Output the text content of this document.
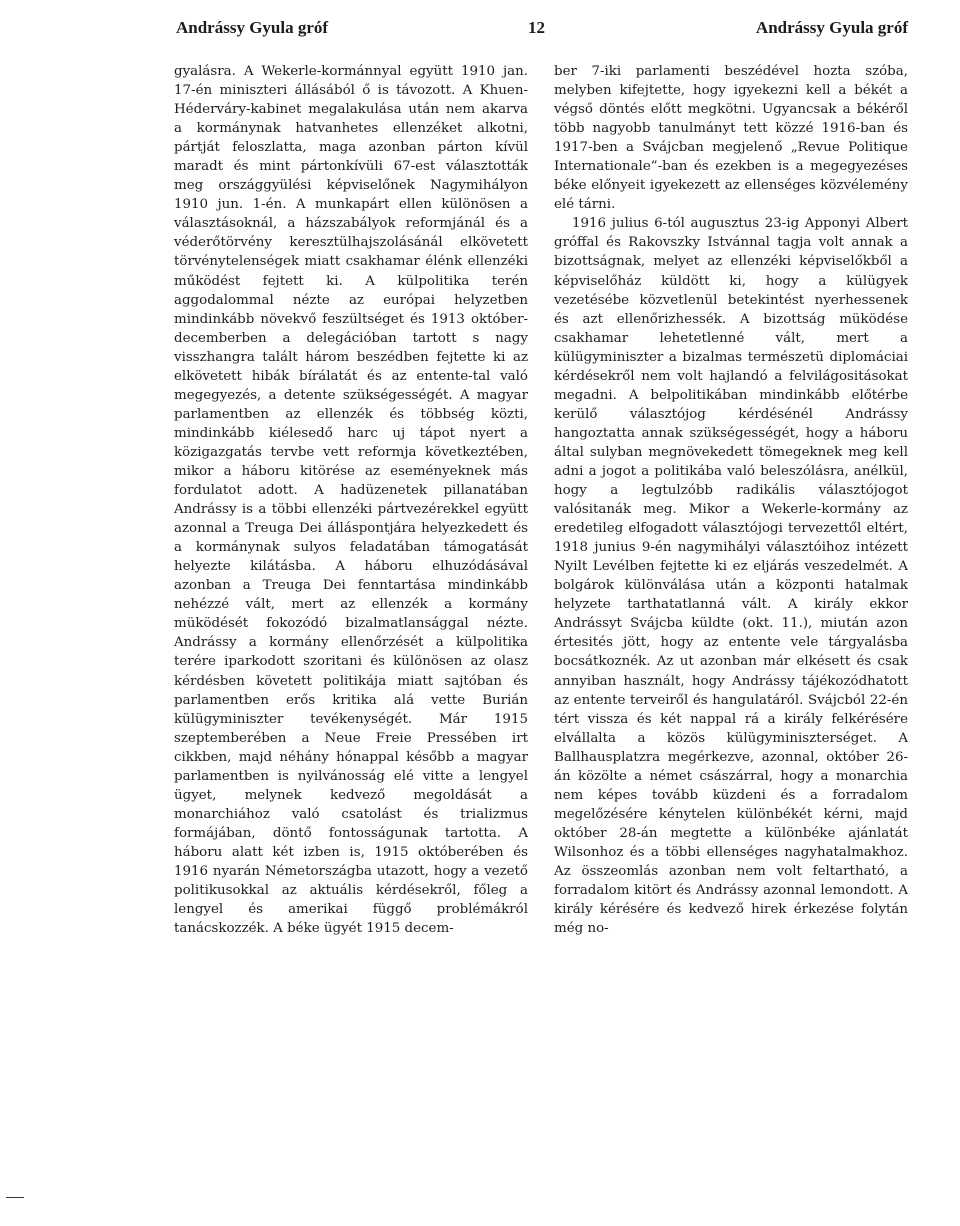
Andrássy Gyula gróf	12	Andrássy Gyula gróf

gyalásra. A Wekerle-kormánnyal együtt 1910 jan. 17-én miniszteri állásából ő is távozott. A Khuen-Héderváry-kabinet megalakulása után nem akarva a kormánynak hatvanhetes ellenzéket alkotni, pártját feloszlatta, maga azonban párton kívül maradt és mint pártonkívüli 67-est választották meg országgyülési képviselőnek Nagymihályon 1910 jun. 1-én. A munkapárt ellen különösen a választásoknál, a házszabályok reformjánál és a véderőtörvény keresztülhajszolásánál elkövetett törvénytelenségek miatt csakhamar élénk ellenzéki működést fejtett ki. A külpolitika terén aggodalommal nézte az európai helyzetben mindinkább növekvő feszültséget és 1913 október-decemberben a delegációban tartott s nagy visszhangra talált három beszédben fejtette ki az elkövetett hibák bírálatát és az entente-tal való megegyezés, a detente szükségességét. A magyar parlamentben az ellenzék és többség közti, mindinkább kiélesedő harc uj tápot nyert a közigazgatás tervbe vett reformja következtében, mikor a háboru kitörése az eseményeknek más fordulatot adott. A hadüzenetek pillanatában Andrássy is a többi ellenzéki pártvezérekkel együtt azonnal a Treuga Dei álláspontjára helyezkedett és a kormánynak sulyos feladatában támogatását helyezte kilátásba. A háboru elhuzódásával azonban a Treuga Dei fenntartása mindinkább nehézzé vált, mert az ellenzék a kormány müködését fokozódó bizalmatlansággal nézte. Andrássy a kormány ellenőrzését a külpolitika terére iparkodott szoritani és különösen az olasz kérdésben követett politikája miatt sajtóban és parlamentben erős kritika alá vette Burián külügyminiszter tevékenységét. Már 1915 szeptemberében a Neue Freie Pressében irt cikkben, majd néhány hónappal később a magyar parlamentben is nyilvánosság elé vitte a lengyel ügyet, melynek kedvező megoldását a monarchiához való csatolást és trializmus formájában, döntő fontosságunak tartotta. A háboru alatt két izben is, 1915 októberében és 1916 nyarán Németországba utazott, hogy a vezető politikusokkal az aktuális kérdésekről, főleg a lengyel és amerikai függő problémákról tanácskozzék. A béke ügyét 1915 decem-

ber 7-iki parlamenti beszédével hozta szóba, melyben kifejtette, hogy igyekezni kell a békét a végső döntés előtt megkötni. Ugyancsak a békéről több nagyobb tanulmányt tett közzé 1916-ban és 1917-ben a Svájcban megjelenő „Revue Politique Internationale”-ban és ezekben is a megegyezéses béke előnyeit igyekezett az ellenséges közvélemény elé tárni.

1916 julius 6-tól augusztus 23-ig Apponyi Albert gróffal és Rakovszky Istvánnal tagja volt annak a bizottságnak, melyet az ellenzéki képviselőkből a képviselőház küldött ki, hogy a külügyek vezetésébe közvetlenül betekintést nyerhessenek és azt ellenőrizhessék. A bizottság müködése csakhamar lehetetlenné vált, mert a külügyminiszter a bizalmas természetü diplomáciai kérdésekről nem volt hajlandó a felvilágositásokat megadni. A belpolitikában mindinkább előtérbe kerülő választójog kérdésénél Andrássy hangoztatta annak szükségességét, hogy a háboru által sulyban megnövekedett tömegeknek meg kell adni a jogot a politikába való beleszólásra, anélkül, hogy a legtulzóbb radikális választójogot valósitanák meg. Mikor a Wekerle-kormány az eredetileg elfogadott választójogi tervezettől eltért, 1918 junius 9-én nagymihályi választóihoz intézett Nyilt Levélben fejtette ki ez eljárás veszedelmét. A bolgárok különválása után a központi hatalmak helyzete tarthatatlanná vált. A király ekkor Andrássyt Svájcba küldte (okt. 11.), miután azon értesités jött, hogy az entente vele tárgyalásba bocsátkoznék. Az ut azonban már elkésett és csak annyiban használt, hogy Andrássy tájékozódhatott az entente terveiről és hangulatáról. Svájcból 22-én tért vissza és két nappal rá a király felkérésére elvállalta a közös külügyminiszterséget. A Ballhausplatzra megérkezve, azonnal, október 26-án közölte a német császárral, hogy a monarchia nem képes tovább küzdeni és a forradalom megelőzésére kénytelen különbékét kérni, majd október 28-án megtette a különbéke ajánlatát Wilsonhoz és a többi ellenséges nagyhatalmakhoz. Az összeomlás azonban nem volt feltartható, a forradalom kitört és Andrássy azonnal lemondott. A király kérésére és kedvező hirek érkezése folytán még no-
